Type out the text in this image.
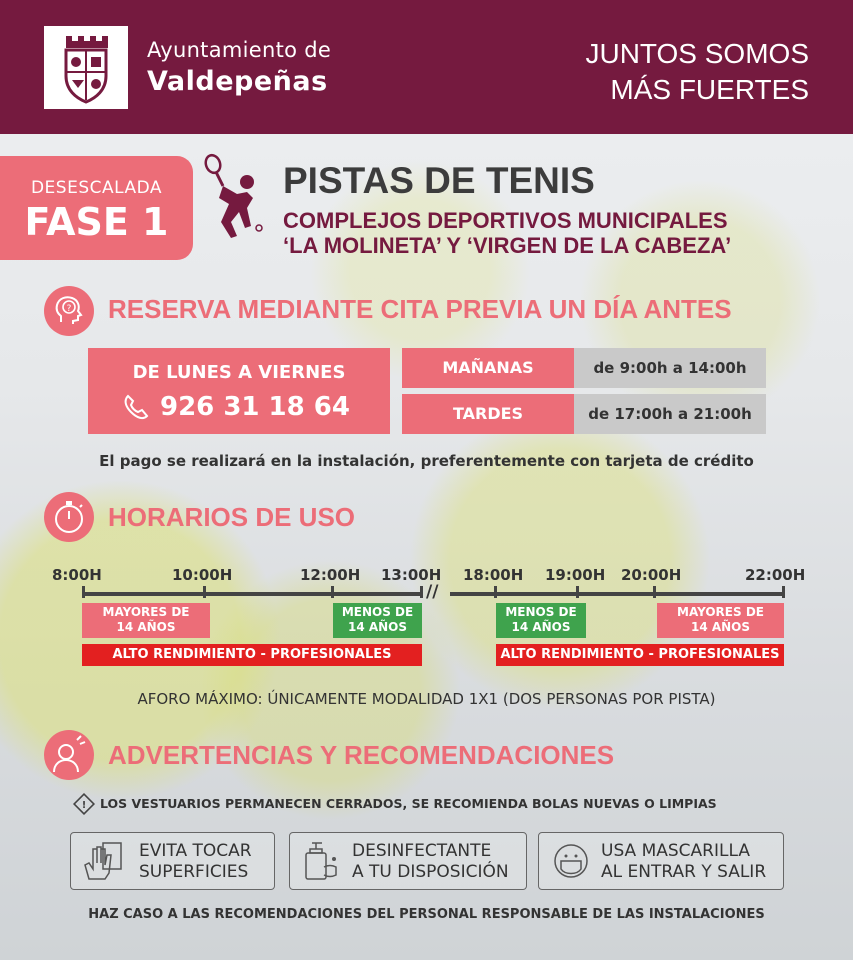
Ayuntamiento de
Valdepeñas
JUNTOS SOMOS
MÁS FUERTES
DESESCALADA
FASE 1
PISTAS DE TENIS
COMPLEJOS DEPORTIVOS MUNICIPALES
‘LA MOLINETA’ Y ‘VIRGEN DE LA CABEZA’
? RESERVA MEDIANTE CITA PREVIA UN DÍA ANTES
DE LUNES A VIERNES
926 31 18 64
MAÑANAS	de 9:00h a 14:00h
TARDES	de 17:00h a 21:00h
El pago se realizará en la instalación, preferentemente con tarjeta de crédito
HORARIOS DE USO
8:00H	10:00H	12:00H 13:00H 18:00H 19:00H 20:00H	22:00H
//
MAYORES DE
14 AÑOS
MENOS DE
14 AÑOS
MENOS DE
14 AÑOS
MAYORES DE
14 AÑOS
ALTO RENDIMIENTO - PROFESIONALES	ALTO RENDIMIENTO - PROFESIONALES
AFORO MÁXIMO: ÚNICAMENTE MODALIDAD 1X1 (DOS PERSONAS POR PISTA)
ADVERTENCIAS Y RECOMENDACIONES
! LOS VESTUARIOS PERMANECEN CERRADOS, SE RECOMIENDA BOLAS NUEVAS O LIMPIAS
EVITA TOCAR
SUPERFICIES
DESINFECTANTE
A TU DISPOSICIÓN
USA MASCARILLA
AL ENTRAR Y SALIR
HAZ CASO A LAS RECOMENDACIONES DEL PERSONAL RESPONSABLE DE LAS INSTALACIONES
